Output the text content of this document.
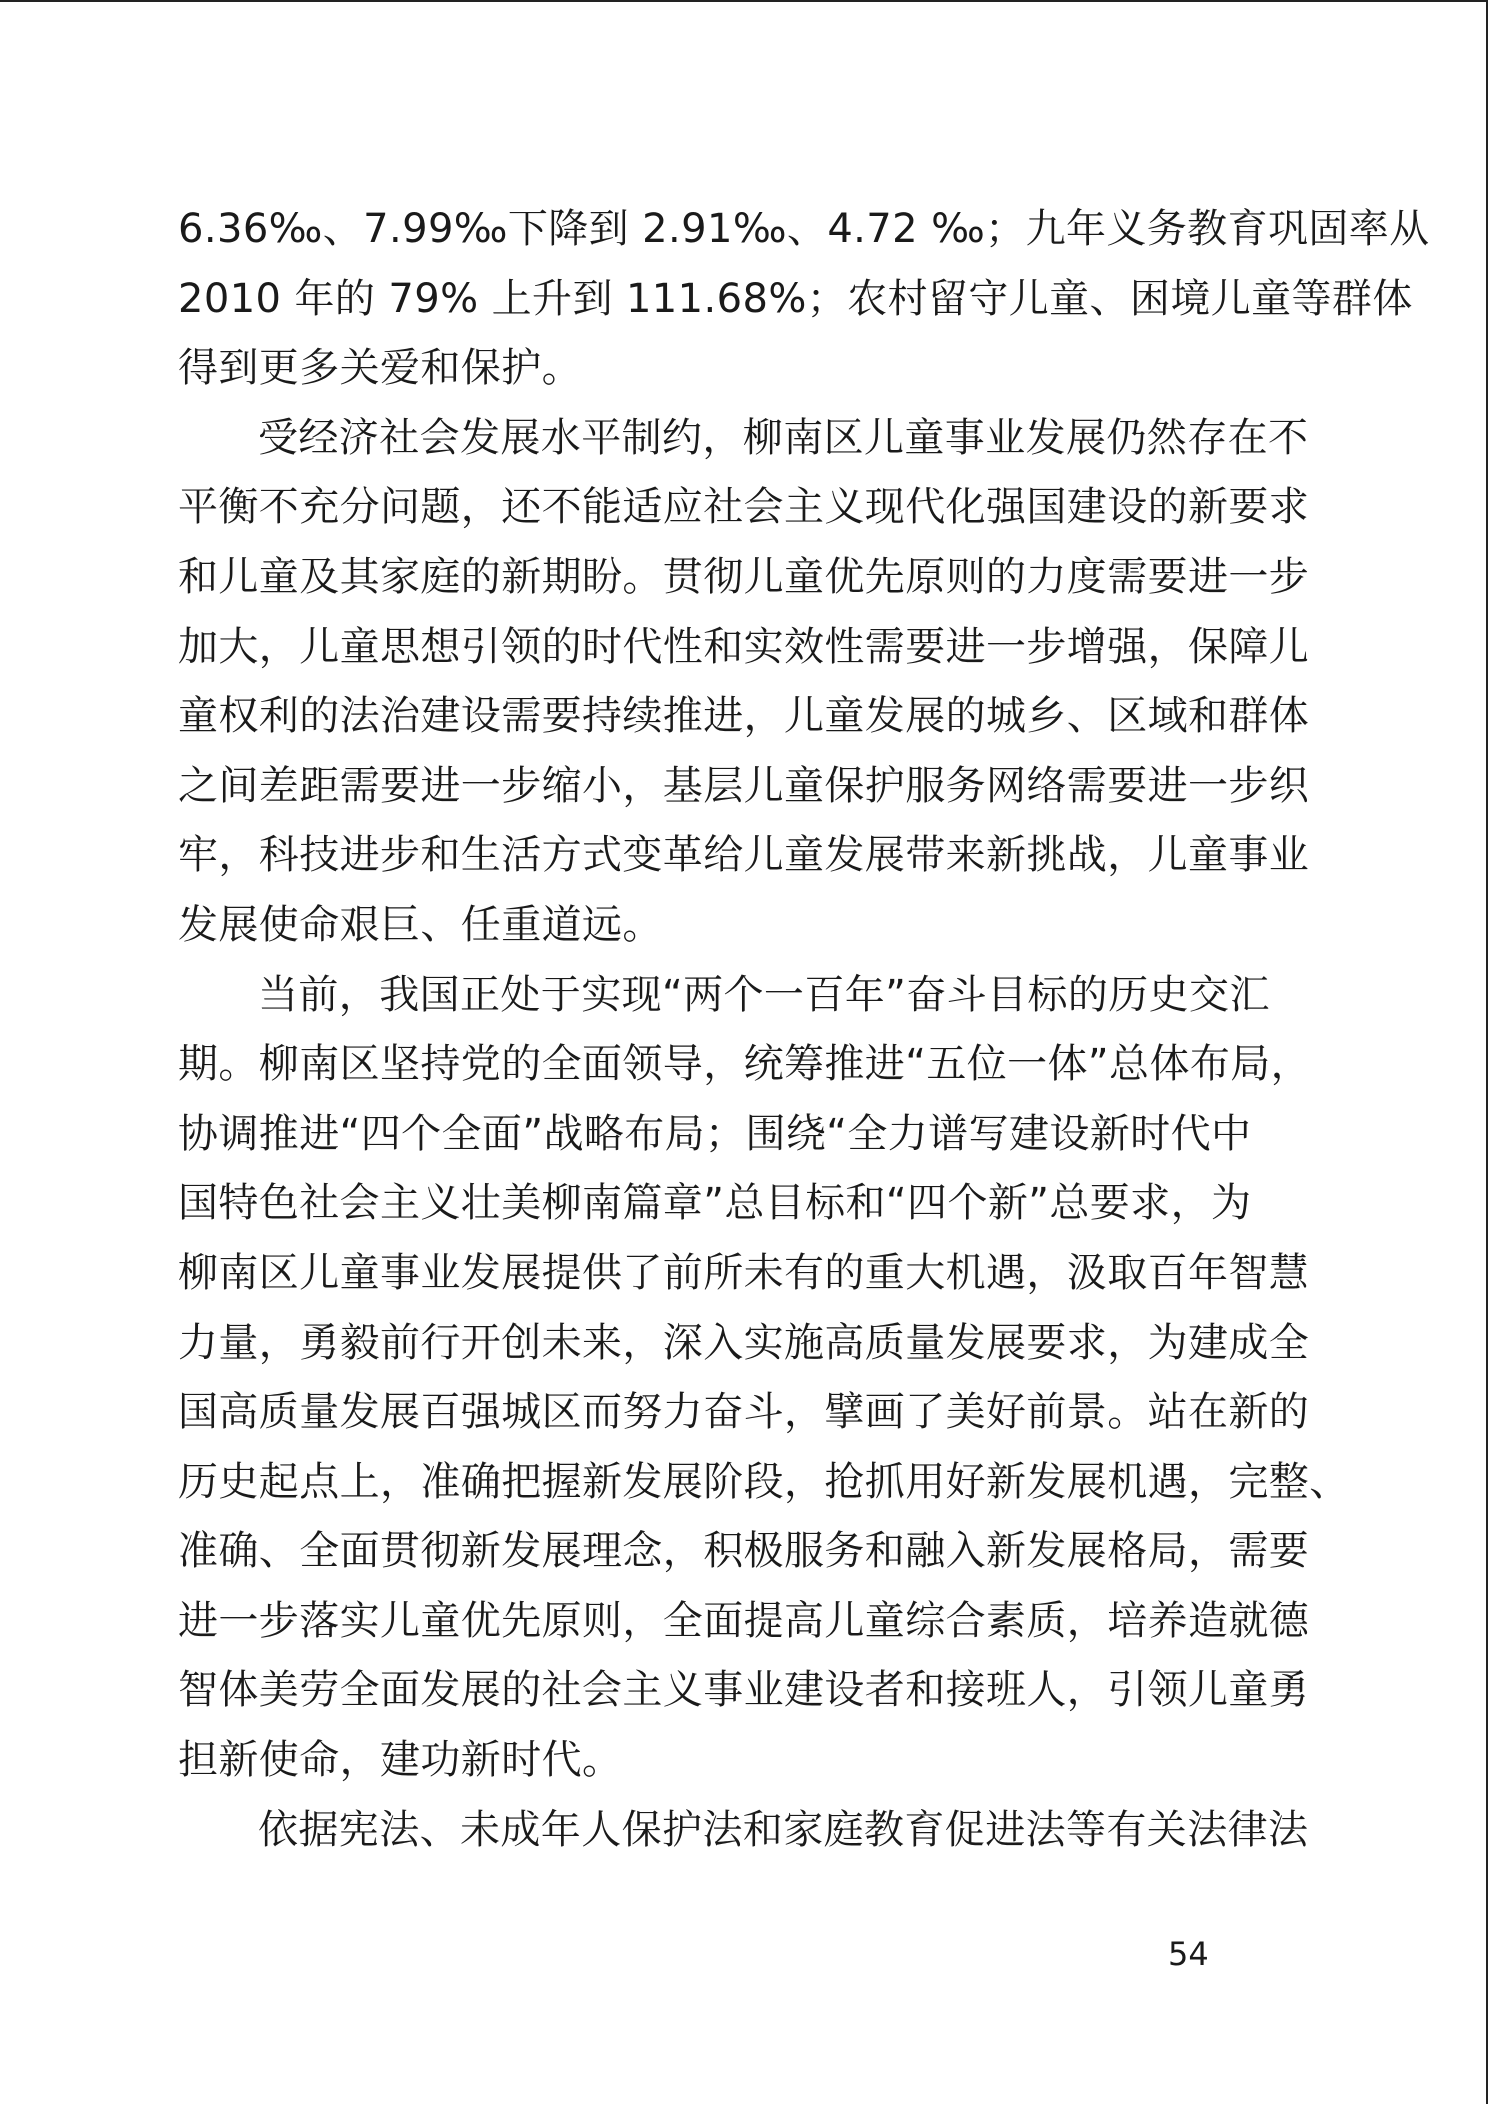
6.36‰、7.99‰下降到 2.91‰、4.72 ‰；九年义务教育巩固率从
2010 年的 79% 上升到 111.68%；农村留守儿童、困境儿童等群体
得到更多关爱和保护。
受经济社会发展水平制约，柳南区儿童事业发展仍然存在不
平衡不充分问题，还不能适应社会主义现代化强国建设的新要求
和儿童及其家庭的新期盼。贯彻儿童优先原则的力度需要进一步
加大，儿童思想引领的时代性和实效性需要进一步增强，保障儿
童权利的法治建设需要持续推进，儿童发展的城乡、区域和群体
之间差距需要进一步缩小，基层儿童保护服务网络需要进一步织
牢，科技进步和生活方式变革给儿童发展带来新挑战，儿童事业
发展使命艰巨、任重道远。
当前，我国正处于实现“两个一百年”奋斗目标的历史交汇
期。柳南区坚持党的全面领导，统筹推进“五位一体”总体布局，
协调推进“四个全面”战略布局；围绕“全力谱写建设新时代中
国特色社会主义壮美柳南篇章”总目标和“四个新”总要求，为
柳南区儿童事业发展提供了前所未有的重大机遇，汲取百年智慧
力量，勇毅前行开创未来，深入实施高质量发展要求，为建成全
国高质量发展百强城区而努力奋斗，擘画了美好前景。站在新的
历史起点上，准确把握新发展阶段，抢抓用好新发展机遇，完整、
准确、全面贯彻新发展理念，积极服务和融入新发展格局，需要
进一步落实儿童优先原则，全面提高儿童综合素质，培养造就德
智体美劳全面发展的社会主义事业建设者和接班人，引领儿童勇
担新使命，建功新时代。
依据宪法、未成年人保护法和家庭教育促进法等有关法律法
54
